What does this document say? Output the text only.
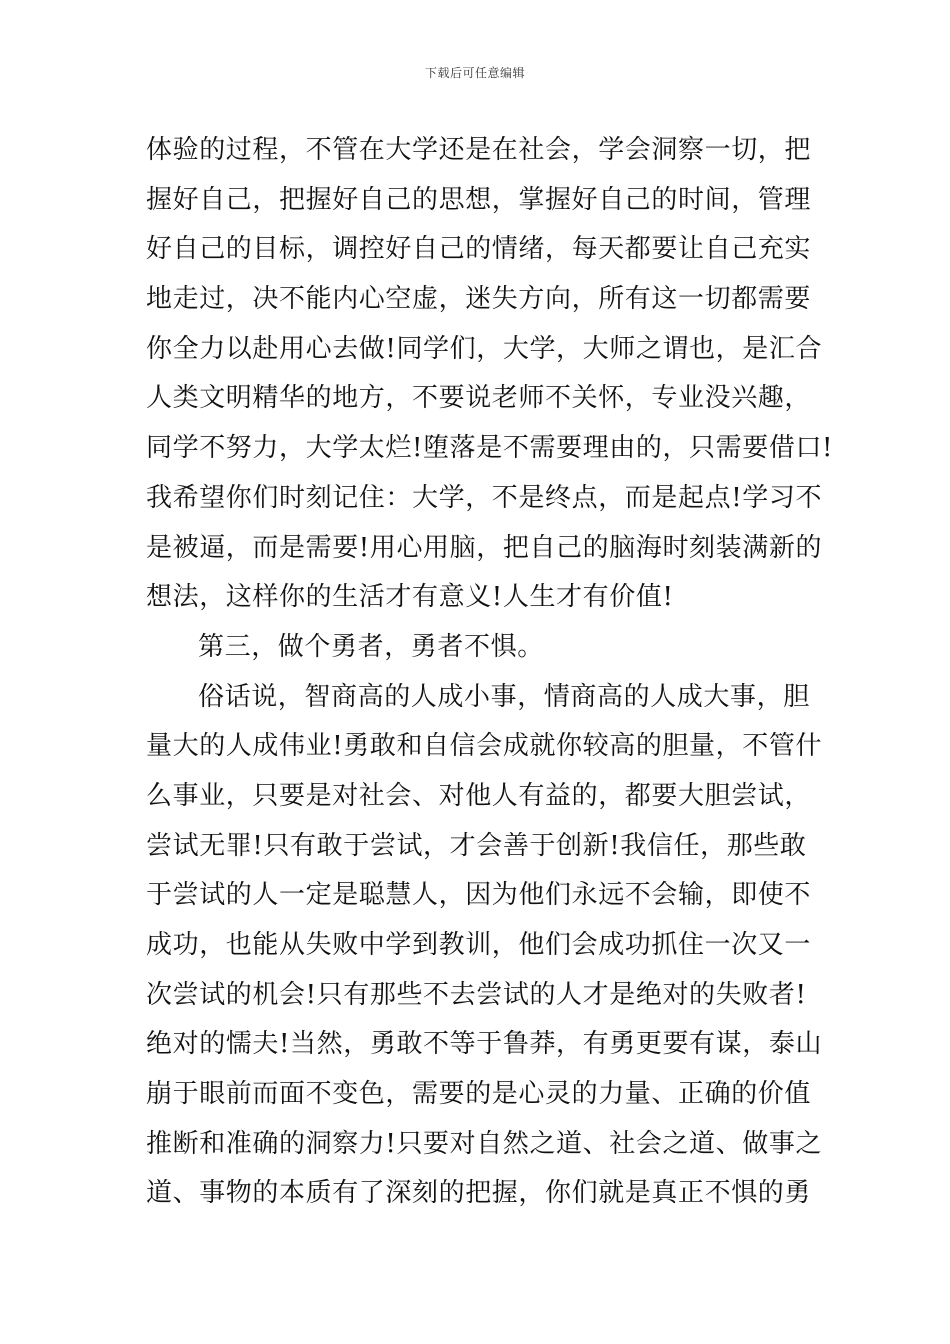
下载后可任意编辑
体验的过程，不管在大学还是在社会，学会洞察一切，把
握好自己，把握好自己的思想，掌握好自己的时间，管理
好自己的目标，调控好自己的情绪，每天都要让自己充实
地走过，决不能内心空虚，迷失方向，所有这一切都需要
你全力以赴用心去做!同学们，大学，大师之谓也，是汇合
人类文明精华的地方，不要说老师不关怀，专业没兴趣，
同学不努力，大学太烂!堕落是不需要理由的，只需要借口!
我希望你们时刻记住：大学，不是终点，而是起点!学习不
是被逼，而是需要!用心用脑，把自己的脑海时刻装满新的
想法，这样你的生活才有意义!人生才有价值!
第三，做个勇者，勇者不惧。
俗话说，智商高的人成小事，情商高的人成大事，胆
量大的人成伟业!勇敢和自信会成就你较高的胆量，不管什
么事业，只要是对社会、对他人有益的，都要大胆尝试，
尝试无罪!只有敢于尝试，才会善于创新!我信任，那些敢
于尝试的人一定是聪慧人，因为他们永远不会输，即使不
成功，也能从失败中学到教训，他们会成功抓住一次又一
次尝试的机会!只有那些不去尝试的人才是绝对的失败者!
绝对的懦夫!当然，勇敢不等于鲁莽，有勇更要有谋，泰山
崩于眼前而面不变色，需要的是心灵的力量、正确的价值
推断和准确的洞察力!只要对自然之道、社会之道、做事之
道、事物的本质有了深刻的把握，你们就是真正不惧的勇
